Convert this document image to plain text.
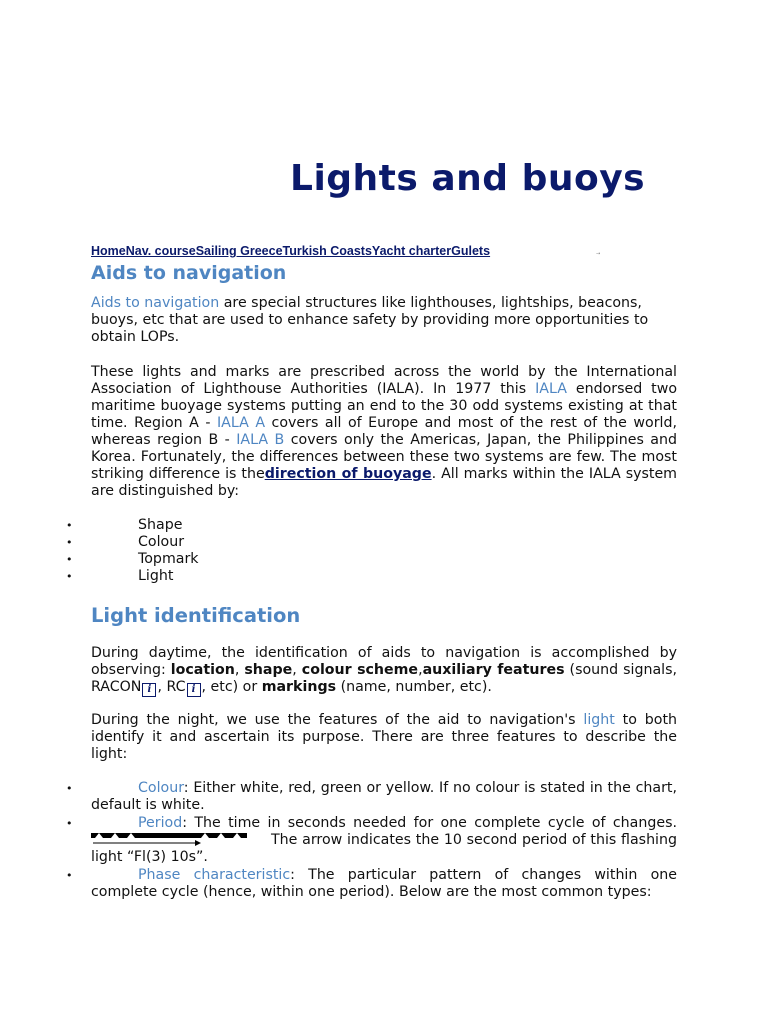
Lights and buoys
HomeNav. courseSailing GreeceTurkish CoastsYacht charterGulets	→
Aids to navigation

Aids to navigation are special structures like lighthouses, lightships, beacons, buoys, etc that are used to enhance safety by providing more opportunities to obtain LOPs.

These lights and marks are prescribed across the world by the International Association of Lighthouse Authorities (IALA). In 1977 this IALA endorsed two maritime buoyage systems putting an end to the 30 odd systems existing at that time. Region A - IALA A covers all of Europe and most of the rest of the world, whereas region B - IALA B covers only the Americas, Japan, the Philippines and Korea. Fortunately, the differences between these two systems are few. The most striking difference is thedirection of buoyage. All marks within the IALA system are distinguished by:

•	Shape
•	Colour
•	Topmark
•	Light
Light identification

During daytime, the identification of aids to navigation is accomplished by observing: location, shape, colour scheme,auxiliary features (sound signals, RACON i , RC i , etc) or markings (name, number, etc).

During the night, we use the features of the aid to navigation's light to both identify it and ascertain its purpose. There are three features to describe the light:

•	Colour: Either white, red, green or yellow. If no colour is stated in the chart, default is white.
•	Period: The time in seconds needed for one complete cycle of changes.The arrow indicates the 10 second period of this flashing light “Fl(3) 10s”.
•	Phase characteristic: The particular pattern of changes within one complete cycle (hence, within one period). Below are the most common types:
